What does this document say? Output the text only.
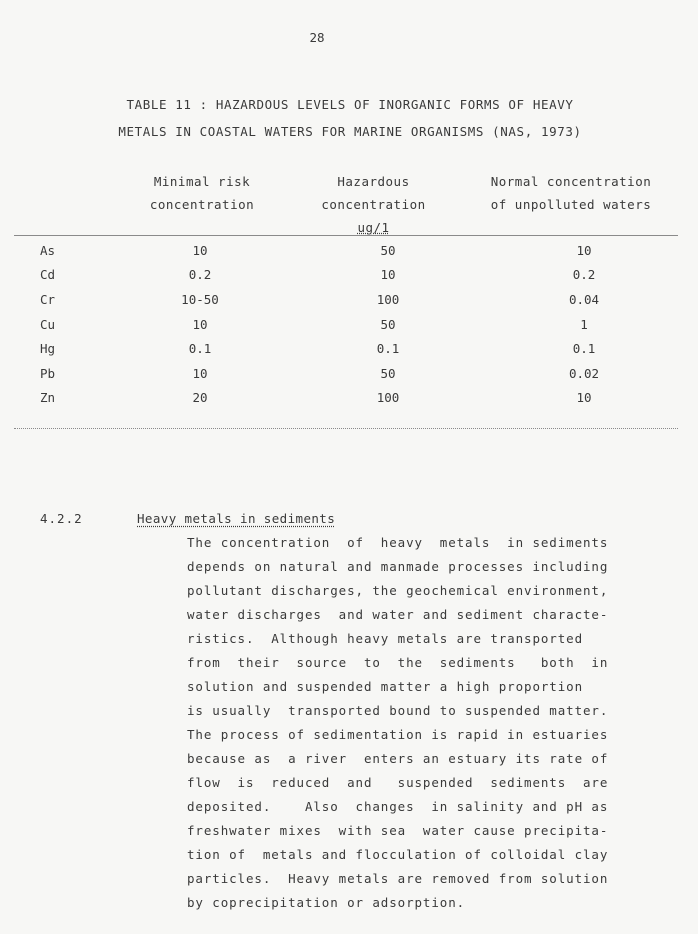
28
TABLE 11 : HAZARDOUS LEVELS OF INORGANIC FORMS OF HEAVY
METALS IN COASTAL WATERS FOR MARINE ORGANISMS (NAS, 1973)
Minimal risk
concentration
Hazardous
concentration
ug/1
Normal concentration
of unpolluted waters
As	10	50	10
Cd	0.2	10	0.2
Cr	10-50	100	0.04
Cu	10	50	1
Hg	0.1	0.1	0.1
Pb	10	50	0.02
Zn	20	100	10
4.2.2	Heavy metals in sediments
The concentration  of  heavy  metals  in sediments
depends on natural and manmade processes including
pollutant discharges, the geochemical environment,
water discharges  and water and sediment characte-
ristics.  Although heavy metals are transported
from  their  source  to  the  sediments   both  in
solution and suspended matter a high proportion
is usually  transported bound to suspended matter.
The process of sedimentation is rapid in estuaries
because as  a river  enters an estuary its rate of
flow  is  reduced  and   suspended  sediments  are
deposited.    Also  changes  in salinity and pH as
freshwater mixes  with sea  water cause precipita-
tion of  metals and flocculation of colloidal clay
particles.  Heavy metals are removed from solution
by coprecipitation or adsorption.
